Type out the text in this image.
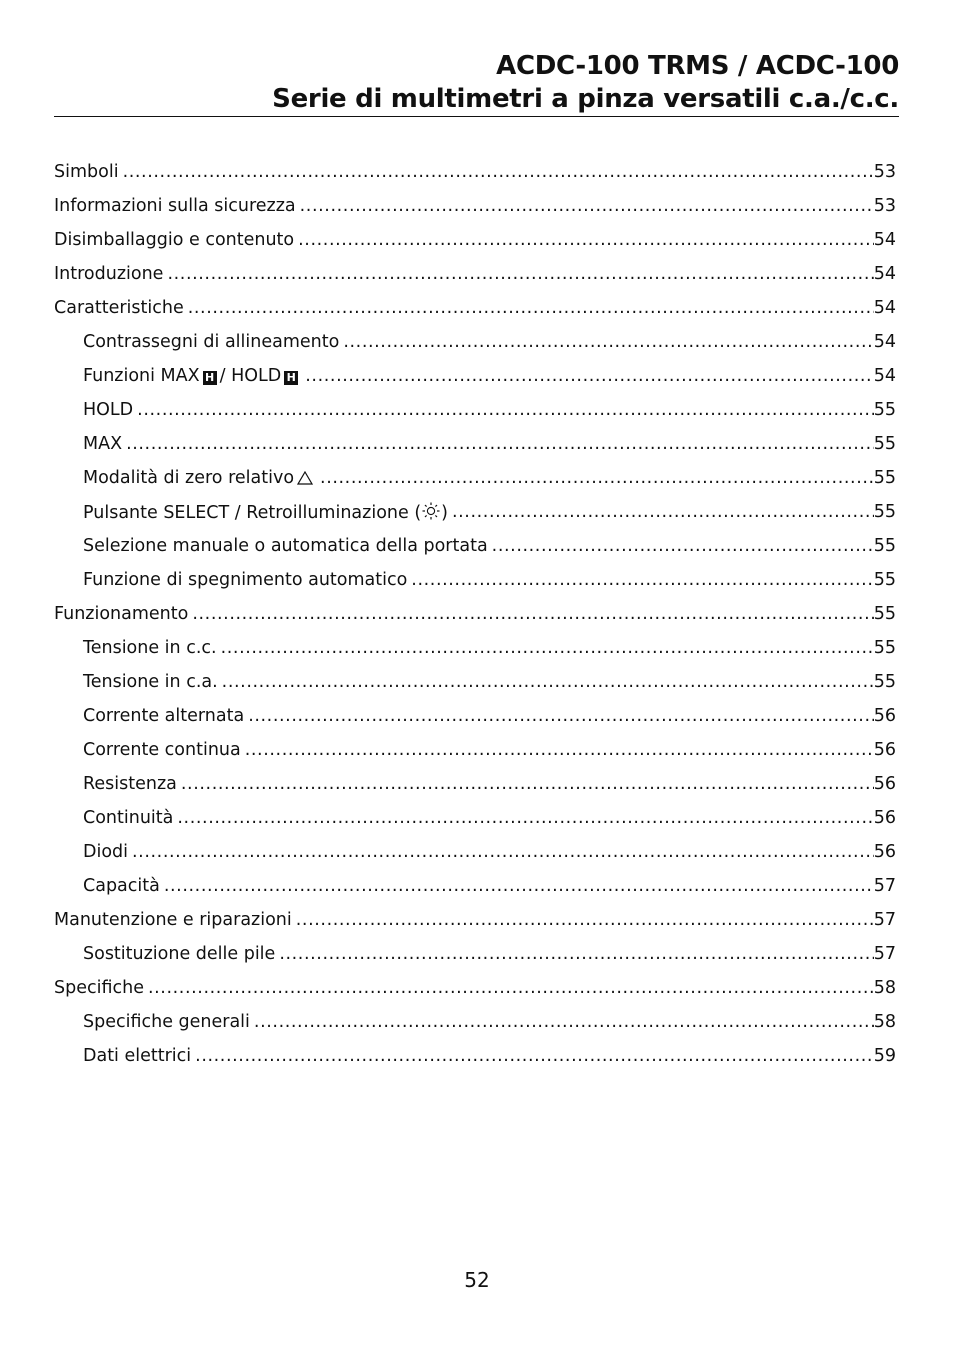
ACDC-100 TRMS / ACDC-100
Serie di multimetri a pinza versatili c.a./c.c.
Simboli .....	53
Informazioni sulla sicurezza .....	53
Disimballaggio e contenuto .....	54
Introduzione .....	54
Caratteristiche .....	54
Contrassegni di allineamento .....	54
Funzioni MAX H / HOLD H .....	54
HOLD .....	55
MAX .....	55
Modalità di zero relativo .....	55
Pulsante SELECT / Retroilluminazione ( ) .....	55
Selezione manuale o automatica della portata .....	55
Funzione di spegnimento automatico .....	55
Funzionamento .....	55
Tensione in c.c. .....	55
Tensione in c.a. .....	55
Corrente alternata .....	56
Corrente continua .....	56
Resistenza .....	56
Continuità .....	56
Diodi .....	56
Capacità .....	57
Manutenzione e riparazioni .....	57
Sostituzione delle pile .....	57
Specifiche .....	58
Specifiche generali .....	58
Dati elettrici .....	59
52
